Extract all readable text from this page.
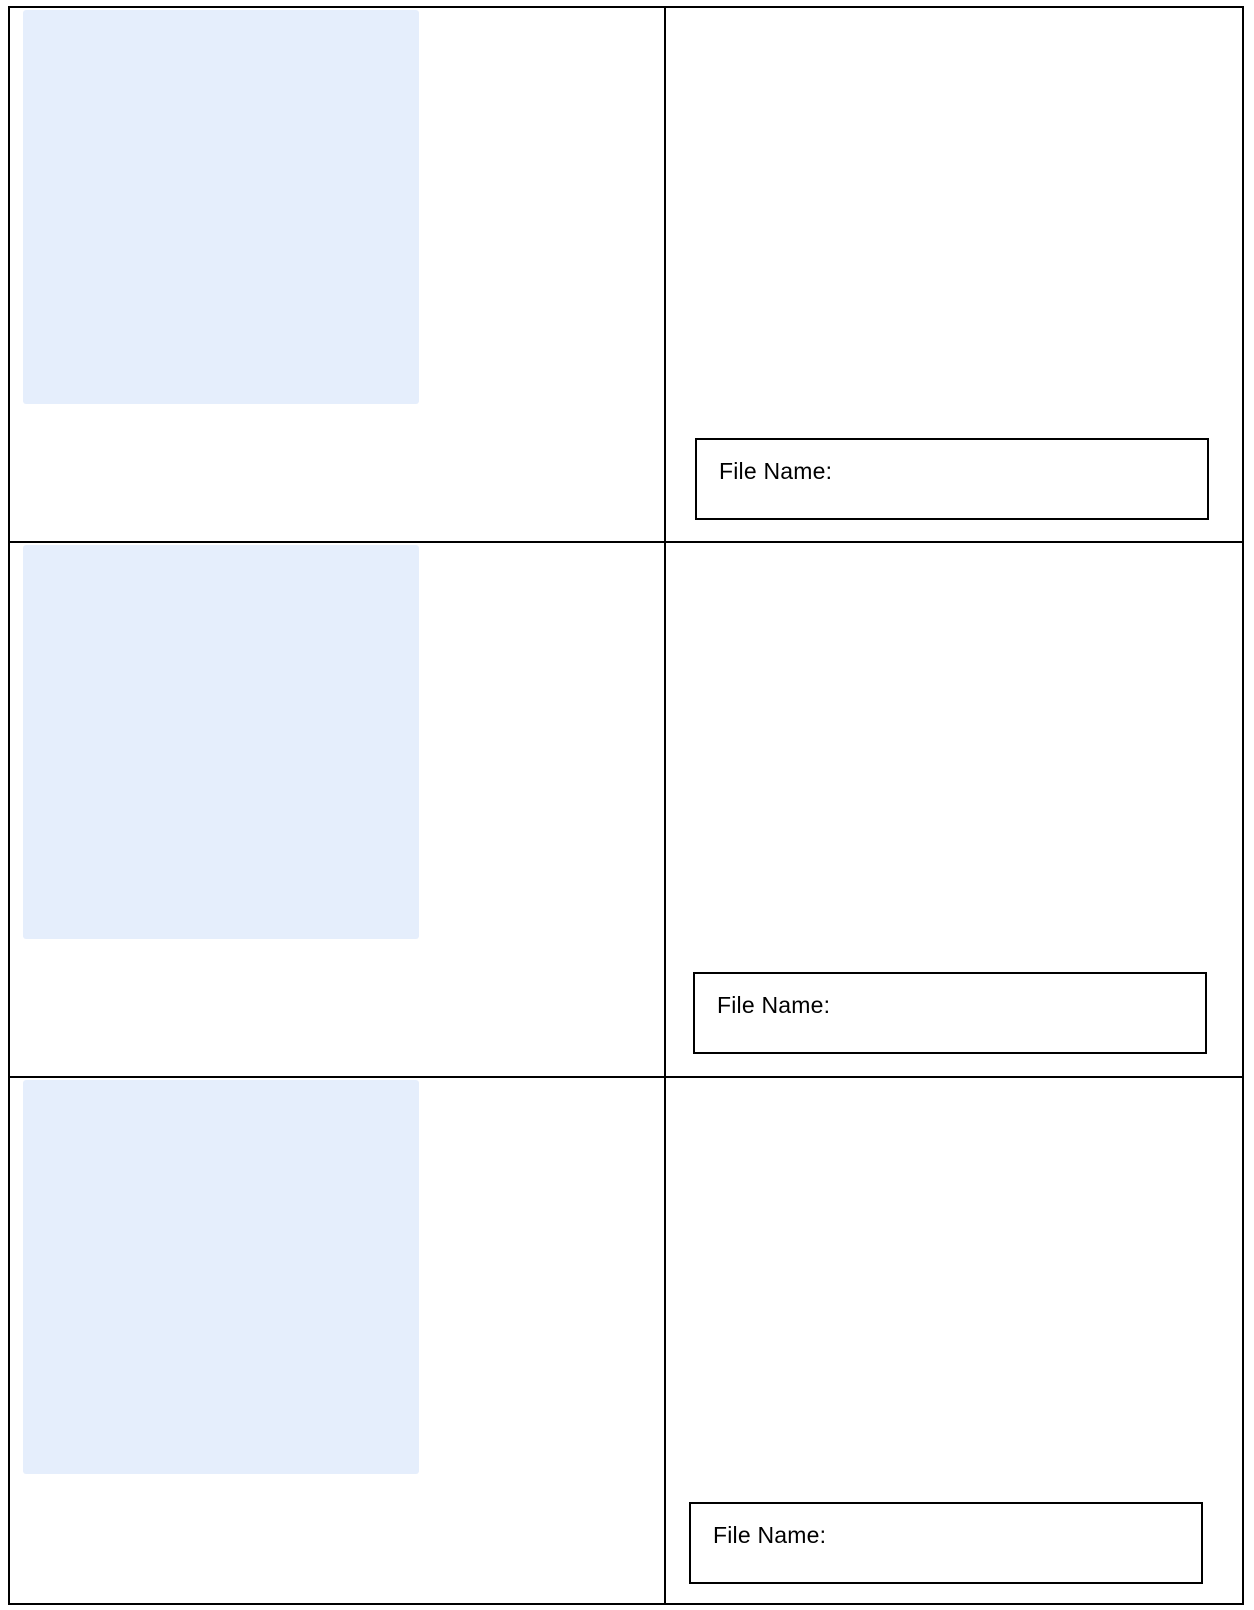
File Name:
File Name:
File Name:
